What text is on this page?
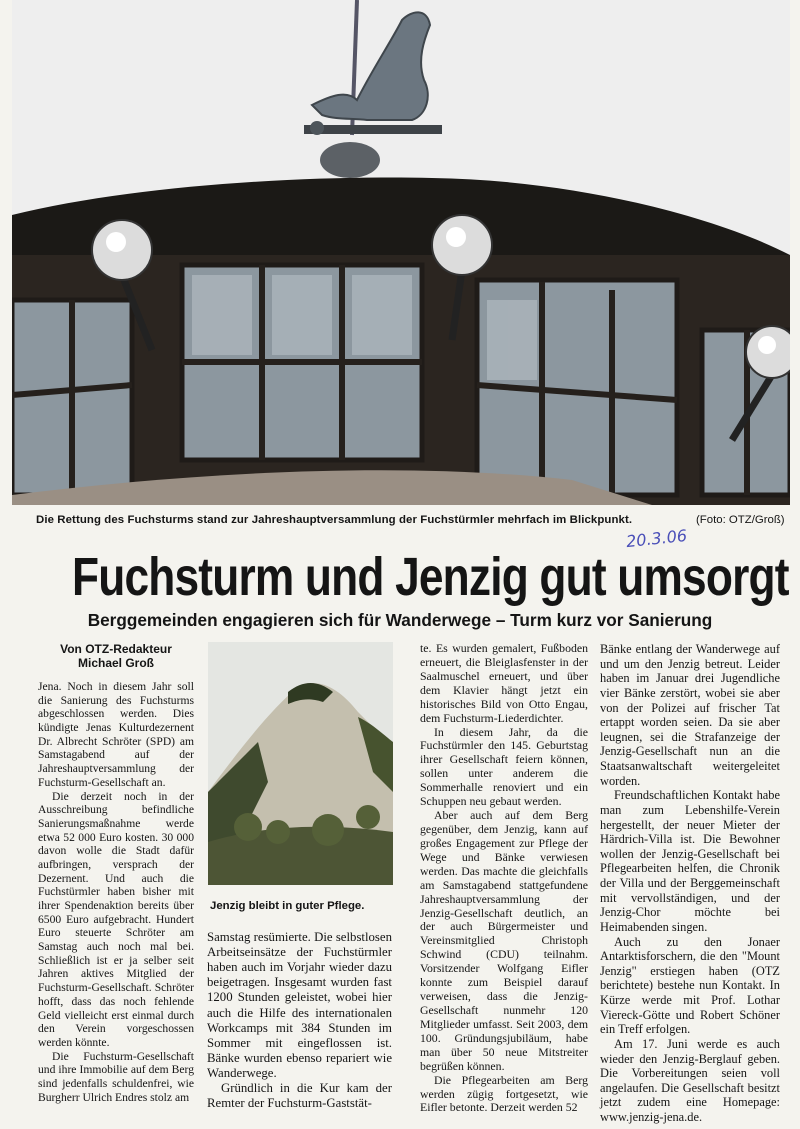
Die Rettung des Fuchsturms stand zur Jahreshauptversammlung der Fuchstürmler mehrfach im Blickpunkt.	(Foto: OTZ/Groß)
20.3.06
Fuchsturm und Jenzig gut umsorgt
Berggemeinden engagieren sich für Wanderwege – Turm kurz vor Sanierung
Von OTZ-Redakteur
Michael Groß

Jena. Noch in diesem Jahr soll die Sanierung des Fuchsturms abgeschlossen werden. Dies kündigte Jenas Kulturdezernent Dr. Albrecht Schröter (SPD) am Samstagabend auf der Jahreshauptversammlung der Fuchsturm-Gesellschaft an.

Die derzeit noch in der Ausschreibung befindliche Sanierungsmaßnahme werde etwa 52 000 Euro kosten. 30 000 davon wolle die Stadt dafür aufbringen, versprach der Dezernent. Und auch die Fuchstürmler haben bisher mit ihrer Spendenaktion bereits über 6500 Euro aufgebracht. Hundert Euro steuerte Schröter am Samstag auch noch mal bei. Schließlich ist er ja selber seit Jahren aktives Mitglied der Fuchsturm-Gesellschaft. Schröter hofft, dass das noch fehlende Geld vielleicht erst einmal durch den Verein vorgeschossen werden könnte.

Die Fuchsturm-Gesellschaft und ihre Immobilie auf dem Berg sind jedenfalls schuldenfrei, wie Burgherr Ulrich Endres stolz am

Jenzig bleibt in guter Pflege.

Samstag resümierte. Die selbstlosen Arbeitseinsätze der Fuchstürmler haben auch im Vorjahr wieder dazu beigetragen. Insgesamt wurden fast 1200 Stunden geleistet, wobei hier auch die Hilfe des internationalen Workcamps mit 384 Stunden im Sommer mit eingeflossen ist. Bänke wurden ebenso repariert wie Wanderwege.

Gründlich in die Kur kam der Remter der Fuchsturm-Gaststät-

te. Es wurden gemalert, Fußboden erneuert, die Bleiglasfenster in der Saalmuschel erneuert, und über dem Klavier hängt jetzt ein historisches Bild von Otto Engau, dem Fuchsturm-Liederdichter.

In diesem Jahr, da die Fuchstürmler den 145. Geburtstag ihrer Gesellschaft feiern können, sollen unter anderem die Sommerhalle renoviert und ein Schuppen neu gebaut werden.

Aber auch auf dem Berg gegenüber, dem Jenzig, kann auf großes Engagement zur Pflege der Wege und Bänke verwiesen werden. Das machte die gleichfalls am Samstagabend stattgefundene Jahreshauptversammlung der Jenzig-Gesellschaft deutlich, an der auch Bürgermeister und Vereinsmitglied Christoph Schwind (CDU) teilnahm. Vorsitzender Wolfgang Eifler konnte zum Beispiel darauf verweisen, dass die Jenzig-Gesellschaft nunmehr 120 Mitglieder umfasst. Seit 2003, dem 100. Gründungsjubiläum, habe man über 50 neue Mitstreiter begrüßen können.

Die Pflegearbeiten am Berg werden zügig fortgesetzt, wie Eifler betonte. Derzeit werden 52

Bänke entlang der Wanderwege auf und um den Jenzig betreut. Leider haben im Januar drei Jugendliche vier Bänke zerstört, wobei sie aber von der Polizei auf frischer Tat ertappt worden seien. Da sie aber leugnen, sei die Strafanzeige der Jenzig-Gesellschaft nun an die Staatsanwaltschaft weitergeleitet worden.

Freundschaftlichen Kontakt habe man zum Lebenshilfe-Verein hergestellt, der neuer Mieter der Härdrich-Villa ist. Die Bewohner wollen der Jenzig-Gesellschaft bei Pflegearbeiten helfen, die Chronik der Villa und der Berggemeinschaft mit vervollständigen, und der Jenzig-Chor möchte bei Heimabenden singen.

Auch zu den Jonaer Antarktisforschern, die den "Mount Jenzig" erstiegen haben (OTZ berichtete) bestehe nun Kontakt. In Kürze werde mit Prof. Lothar Viereck-Götte und Robert Schöner ein Treff erfolgen.

Am 17. Juni werde es auch wieder den Jenzig-Berglauf geben. Die Vorbereitungen seien voll angelaufen. Die Gesellschaft besitzt jetzt zudem eine Homepage: www.jenzig-jena.de.
